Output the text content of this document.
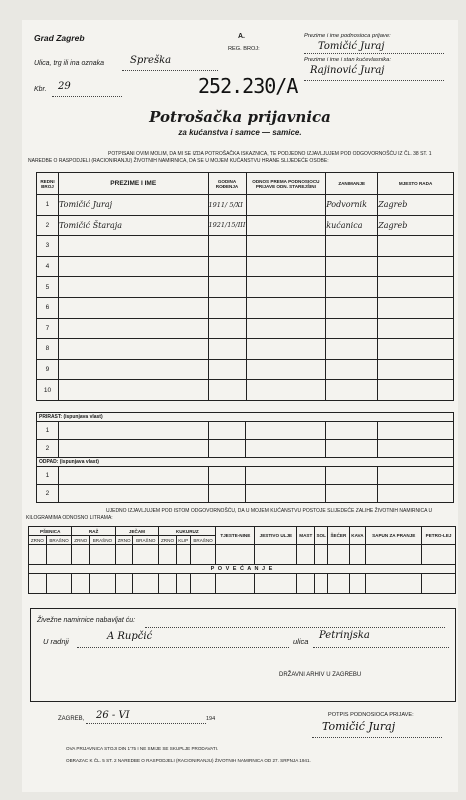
Grad Zagreb	A.	Prezime i ime podnosioca prijave:
Tomičić Juraj
REG. BROJ:
Ulica, trg ili ina oznaka	Spreška	Prezime i ime i stan kućevlasnika:
Rajinović Juraj
Kbr. 29	252.230/A
Potrošačka prijavnica
za kućanstva i samce — samice.
POTPISANI OVIM MOLIM, DA MI SE IZDA POTROŠAČKA ISKAZNICA, TE PODJEDNO IZJAVLJUJEM POD ODGOVORNOŠĆU IZ ČL. 38 ST. 1 NAREDBE O RASPODJELI (RACIONIRANJU) ŽIVOTNIH NAMIRNICA, DA SE U MOJEM KUĆANSTVU HRANE SLIJEDEĆE OSOBE:
REDNI BROJ	PREZIME I IME	GODINA ROĐENJA	ODNOS PREMA PODNOSIOCU PRIJAVE ODN. STAREJŠINI	ZANIMANJE	MJESTO RADA
1	Tomičić Juraj	1911/ 5/XI		Podvornik	Zagreb
2	Tomičić Štaraja	1921/15/III		kućanica	Zagreb
3					
4					
5					
6					
7					
8					
9					
10					
PRIRAST: (ispunjava vlast)					
1					
2					
ODPAD: (ispunjava vlast)					
1					
2					
UJEDNO IZJAVLJUJEM POD ISTOM ODGOVORNOŠĆU, DA U MOJEM KUĆANSTVU POSTOJE SLIJEDEĆE ZALIHE ŽIVOTNIH NAMIRNICA U KILOGRAMIMA ODNOSNO LITRAMA:
PŠENICA		RAŽ		JEČAM		KUKURUZ			TJESTE-NINE	JESTIVO ULJE	MAST	SOL	ŠEĆER	KAVA	SAPUN ZA PRANJE	PETRO-LEJ
ZRNO	BRAŠNO	ZRNO	BRAŠNO	ZRNO	BRAŠNO	ZRNO	KLIP	BRAŠNO								

P O V E Ć A N J E																

Živežne namirnice nabavljat ću:
U radnji	A Rupčić	ulica
Petrinjska
DRŽAVNI ARHIV U ZAGREBU
ZAGREB, 26 - VI	194
POTPIS PODNOSIOCA PRIJAVE:
Tomičić Juraj
OVA PRIJAVNICA STOJI DIN 1'75 I NE SMIJE SE SKUPLJE PRODAVATI.
OBRAZAC K ČL. 5 ST. 2 NAREDBE O RASPODJELI (RACIONIRANJU) ŽIVOTNIH NAMIRNICA OD 27. SRPNJA 1941.
